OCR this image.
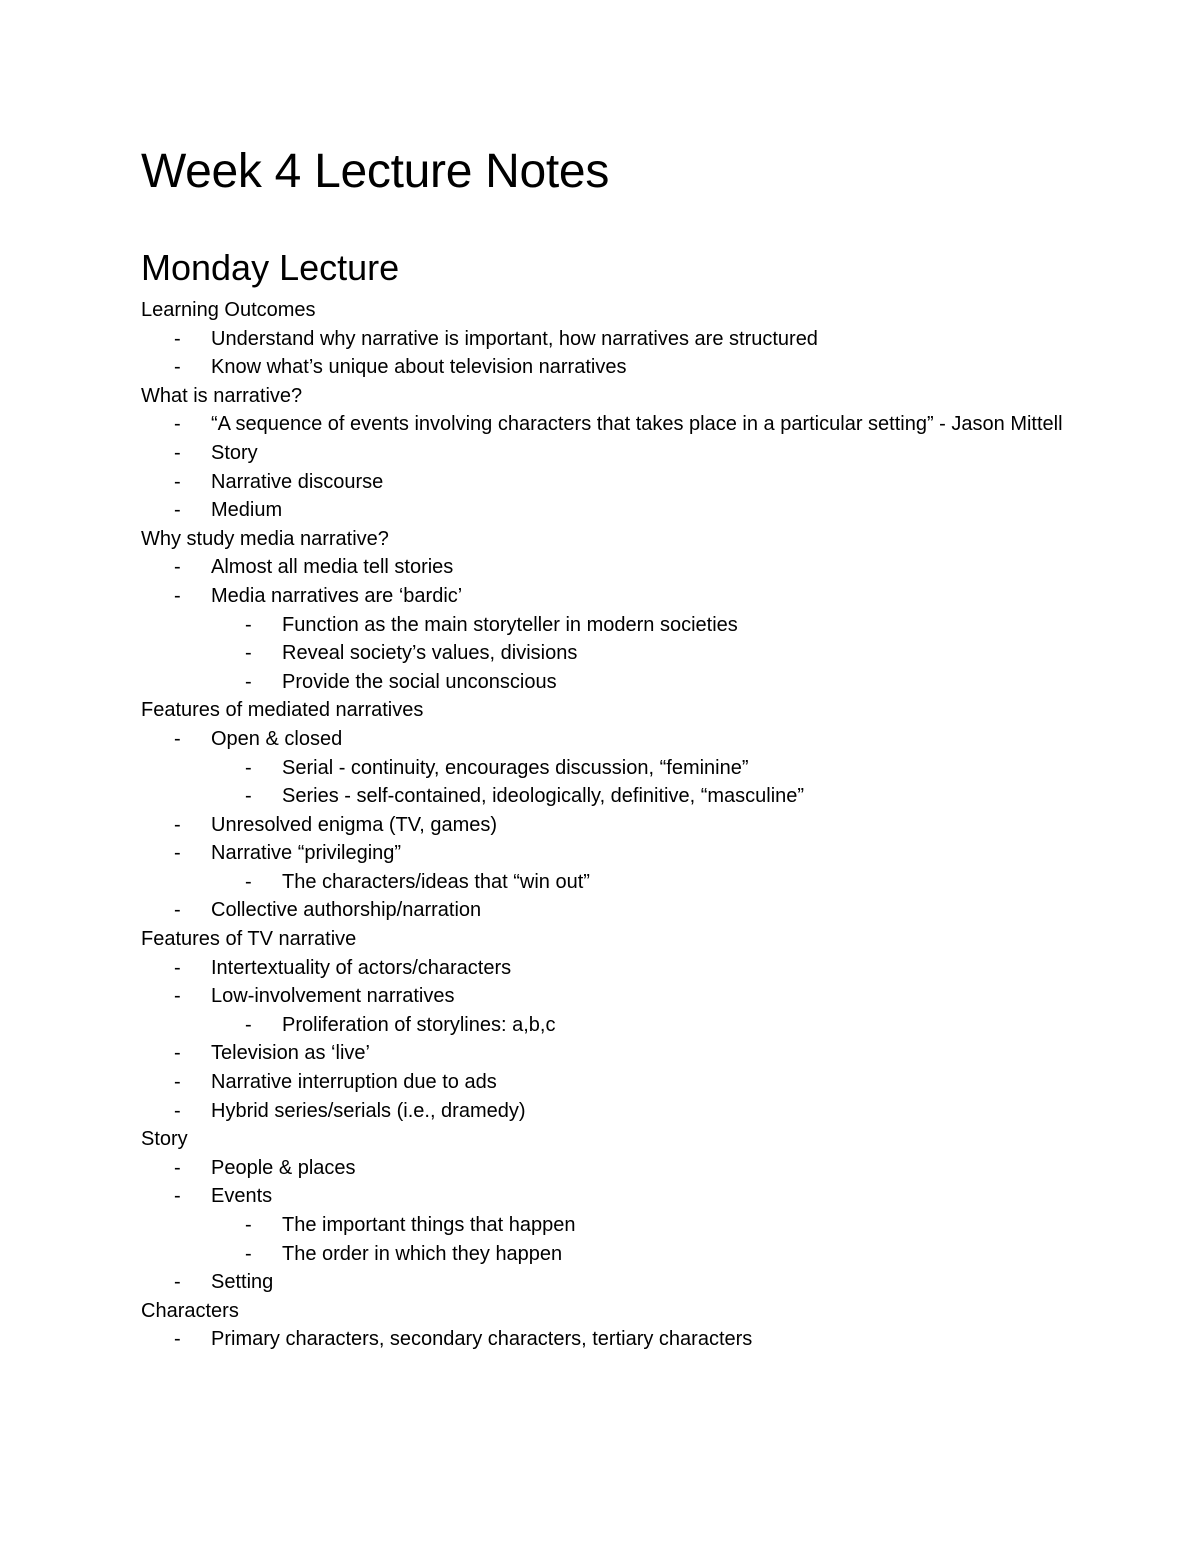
Week 4 Lecture Notes
Monday Lecture
Learning Outcomes
- Understand why narrative is important, how narratives are structured
- Know what’s unique about television narratives
What is narrative?
- “A sequence of events involving characters that takes place in a particular setting” - Jason Mittell
- Story
- Narrative discourse
- Medium
Why study media narrative?
- Almost all media tell stories
- Media narratives are ‘bardic’
- Function as the main storyteller in modern societies
- Reveal society’s values, divisions
- Provide the social unconscious
Features of mediated narratives
- Open & closed
- Serial - continuity, encourages discussion, “feminine”
- Series - self-contained, ideologically, definitive, “masculine”
- Unresolved enigma (TV, games)
- Narrative “privileging”
- The characters/ideas that “win out”
- Collective authorship/narration
Features of TV narrative
- Intertextuality of actors/characters
- Low-involvement narratives
- Proliferation of storylines: a,b,c
- Television as ‘live’
- Narrative interruption due to ads
- Hybrid series/serials (i.e., dramedy)
Story
- People & places
- Events
- The important things that happen
- The order in which they happen
- Setting
Characters
- Primary characters, secondary characters, tertiary characters
